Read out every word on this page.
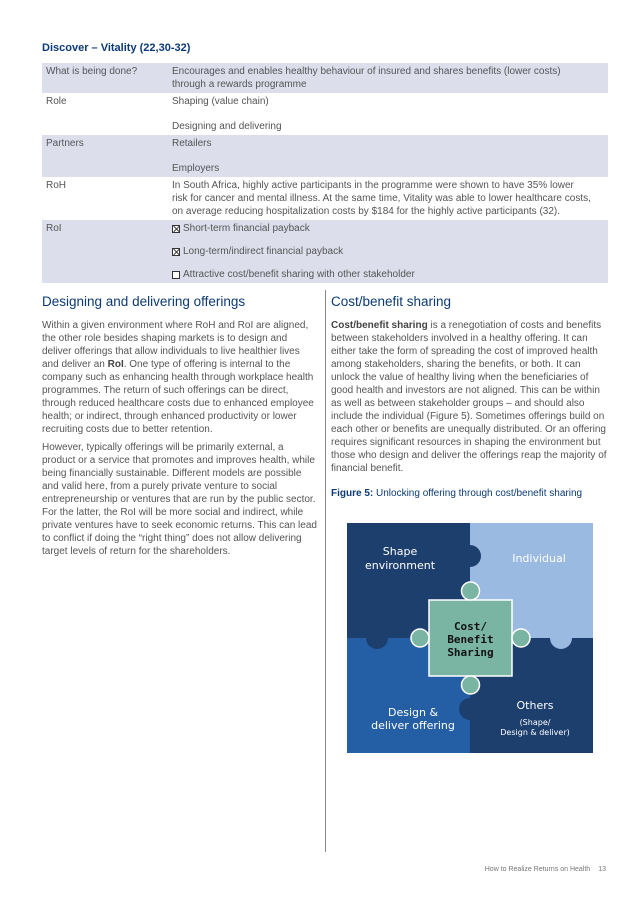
Discover – Vitality (22,30-32)
What is being done?	Encourages and enables healthy behaviour of insured and shares benefits (lower costs)
through a rewards programme

Role	Shaping (value chain)
Designing and delivering

Partners	Retailers
Employers

RoH	In South Africa, highly active participants in the programme were shown to have 35% lower
risk for cancer and mental illness. At the same time, Vitality was able to lower healthcare costs,
on average reducing hospitalization costs by $184 for the highly active participants (32).

RoI	Short-term financial payback
Long-term/indirect financial payback
Attractive cost/benefit sharing with other stakeholder
Designing and delivering offerings

Within a given environment where RoH and RoI are aligned, the other role besides shaping markets is to design and deliver offerings that allow individuals to live healthier lives and deliver an RoI. One type of offering is internal to the company such as enhancing health through workplace health programmes. The return of such offerings can be direct, through reduced healthcare costs due to enhanced employee health; or indirect, through enhanced productivity or lower recruiting costs due to better retention.

However, typically offerings will be primarily external, a product or a service that promotes and improves health, while being financially sustainable. Different models are possible and valid here, from a purely private venture to social entrepreneurship or ventures that are run by the public sector. For the latter, the RoI will be more social and indirect, while private ventures have to seek economic returns. This can lead to conflict if doing the “right thing” does not allow delivering target levels of return for the shareholders.

Cost/benefit sharing

Cost/benefit sharing is a renegotiation of costs and benefits between stakeholders involved in a healthy offering. It can either take the form of spreading the cost of improved health among stakeholders, sharing the benefits, or both. It can unlock the value of healthy living when the beneficiaries of good health and investors are not aligned. This can be within as well as between stakeholder groups – and should also include the individual (Figure 5). Sometimes offerings build on each other or benefits are unequally distributed. Or an offering requires significant resources in shaping the environment but those who design and deliver the offerings reap the majority of financial benefit.

Figure 5: Unlocking offering through cost/benefit sharing
Shape
environment
Individual
Design &
deliver offering
Others
(Shape/
Design & deliver)
Cost/
Benefit
Sharing
How to Realize Returns on Health 13
